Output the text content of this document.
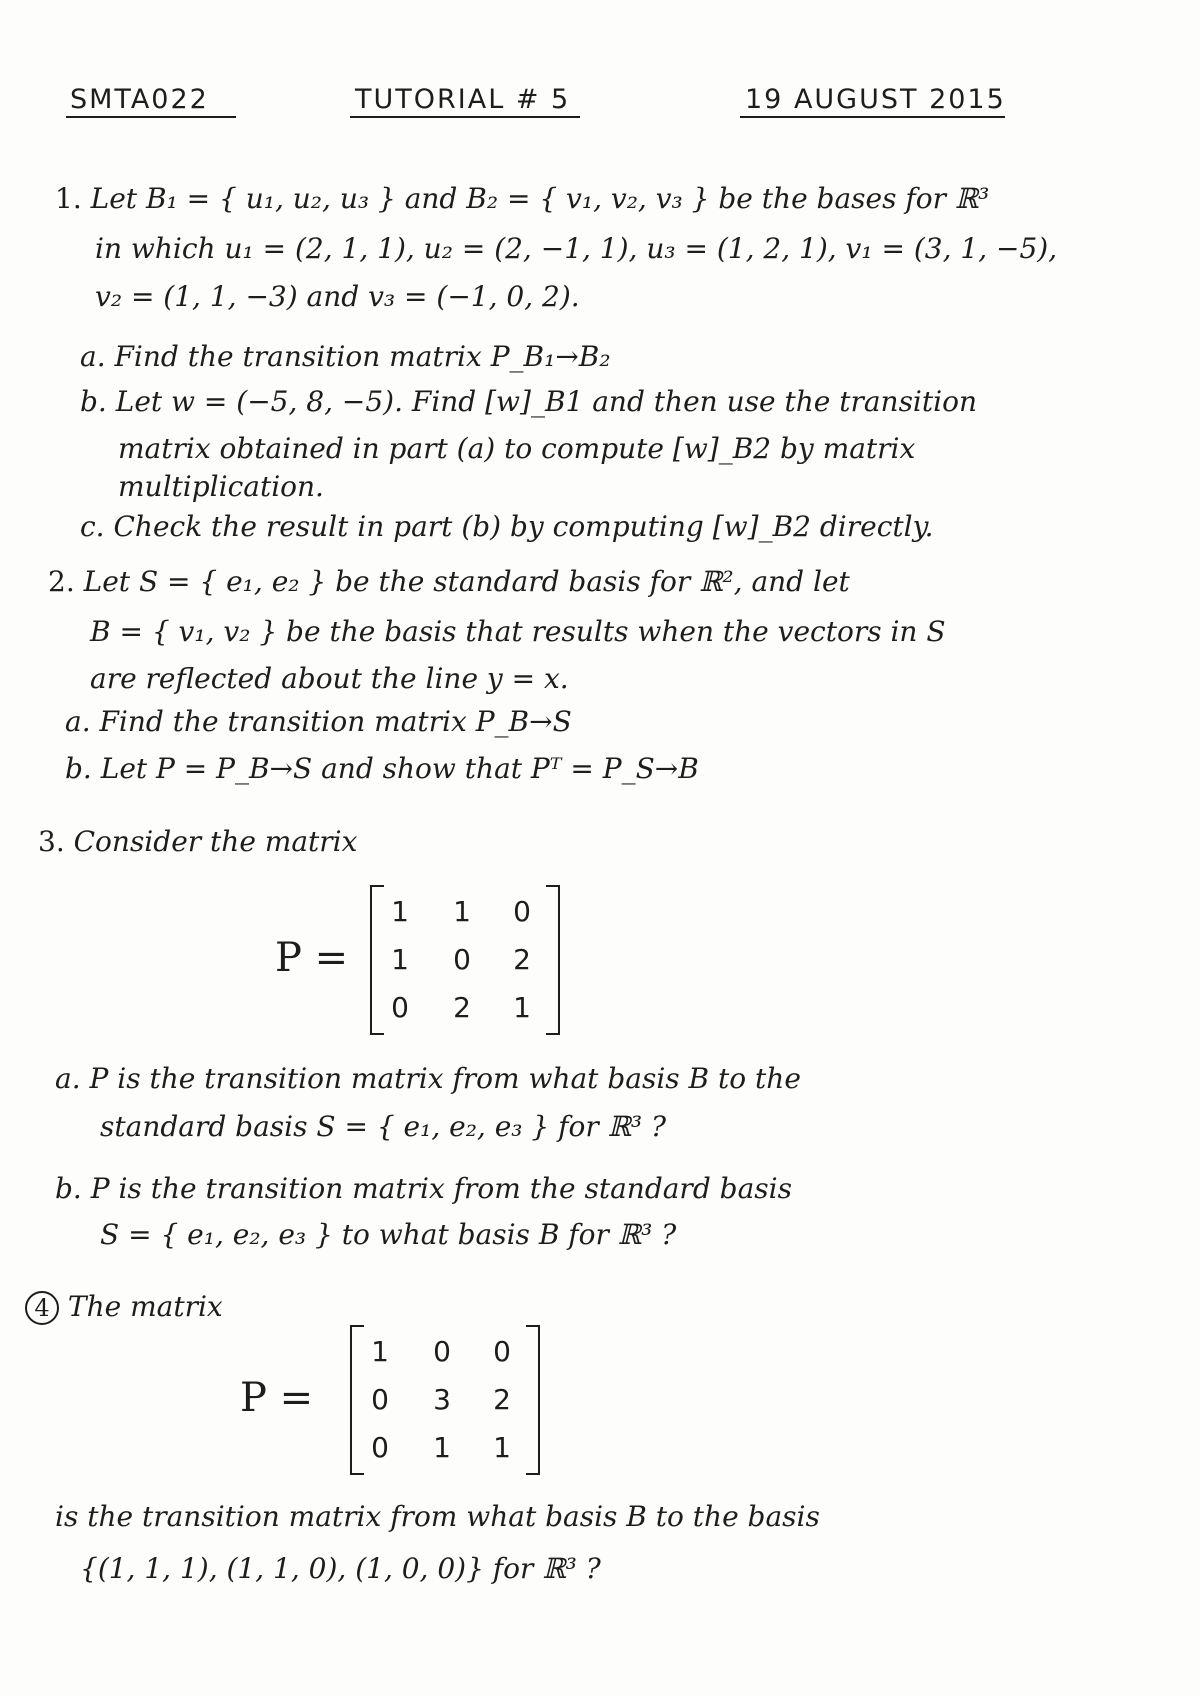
SMTA022	TUTORIAL # 5	19 AUGUST 2015
1. Let B₁ = { u₁, u₂, u₃ } and B₂ = { v₁, v₂, v₃ } be the bases for ℝ³
in which u₁ = (2, 1, 1), u₂ = (2, −1, 1), u₃ = (1, 2, 1), v₁ = (3, 1, −5),
v₂ = (1, 1, −3) and v₃ = (−1, 0, 2).
a. Find the transition matrix P_B₁→B₂
b. Let w = (−5, 8, −5). Find [w]_B1 and then use the transition
matrix obtained in part (a) to compute [w]_B2 by matrix
multiplication.
c. Check the result in part (b) by computing [w]_B2 directly.
2. Let S = { e₁, e₂ } be the standard basis for ℝ², and let
B = { v₁, v₂ } be the basis that results when the vectors in S
are reflected about the line y = x.
a. Find the transition matrix P_B→S
b. Let P = P_B→S and show that Pᵀ = P_S→B
3. Consider the matrix
P =
1	1	0
1	0	2
0	2	1
a. P is the transition matrix from what basis B to the
standard basis S = { e₁, e₂, e₃ } for ℝ³ ?
b. P is the transition matrix from the standard basis
S = { e₁, e₂, e₃ } to what basis B for ℝ³ ?
4 The matrix
P =
1	0	0
0	3	2
0	1	1
is the transition matrix from what basis B to the basis
{(1, 1, 1), (1, 1, 0), (1, 0, 0)} for ℝ³ ?
